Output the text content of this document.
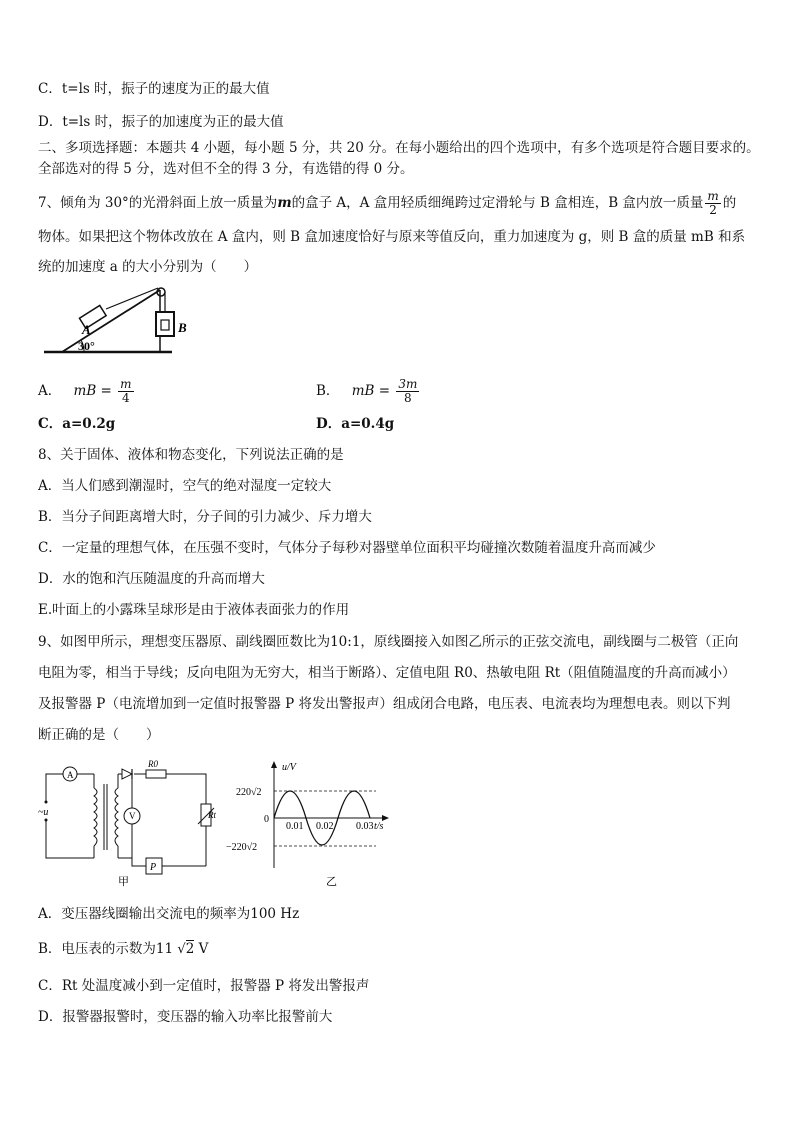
C．t=ls 时，振子的速度为正的最大值
D．t=ls 时，振子的加速度为正的最大值
二、多项选择题：本题共 4 小题，每小题 5 分，共 20 分。在每小题给出的四个选项中，有多个选项是符合题目要求的。
全部选对的得 5 分，选对但不全的得 3 分，有选错的得 0 分。
7、倾角为 30°的光滑斜面上放一质量为m的盒子 A，A 盒用轻质细绳跨过定滑轮与 B 盒相连，B 盒内放一质量 $\frac{m}{2}$ 的
物体。如果把这个物体改放在 A 盒内，则 B 盒加速度恰好与原来等值反向，重力加速度为 g，则 B 盒的质量 mB 和系
统的加速度 a 的大小分别为（　　）
A	B
30°
A． mB = $\frac{m}{4}$	B． mB = $\frac{3m}{8}$
C．a=0.2g	D．a=0.4g
8、关于固体、液体和物态变化，下列说法正确的是
A．当人们感到潮湿时，空气的绝对湿度一定较大
B．当分子间距离增大时，分子间的引力减少、斥力增大
C．一定量的理想气体，在压强不变时，气体分子每秒对器壁单位面积平均碰撞次数随着温度升高而减少
D．水的饱和汽压随温度的升高而增大
E.叶面上的小露珠呈球形是由于液体表面张力的作用
9、如图甲所示，理想变压器原、副线圈匝数比为10:1，原线圈接入如图乙所示的正弦交流电，副线圈与二极管（正向
电阻为零，相当于导线；反向电阻为无穷大，相当于断路）、定值电阻 R0、热敏电阻 Rt（阻值随温度的升高而减小）
及报警器 P（电流增加到一定值时报警器 P 将发出警报声）组成闭合电路，电压表、电流表均为理想电表。则以下判
断正确的是（　　）
A
V
~u
R0
Rt
P
甲
u/V
220√2
−220√2
0
0.01 0.02 0.03 t/s
乙
A．变压器线圈输出交流电的频率为100 Hz
B．电压表的示数为11 √2 V
C．Rt 处温度减小到一定值时，报警器 P 将发出警报声
D．报警器报警时，变压器的输入功率比报警前大
